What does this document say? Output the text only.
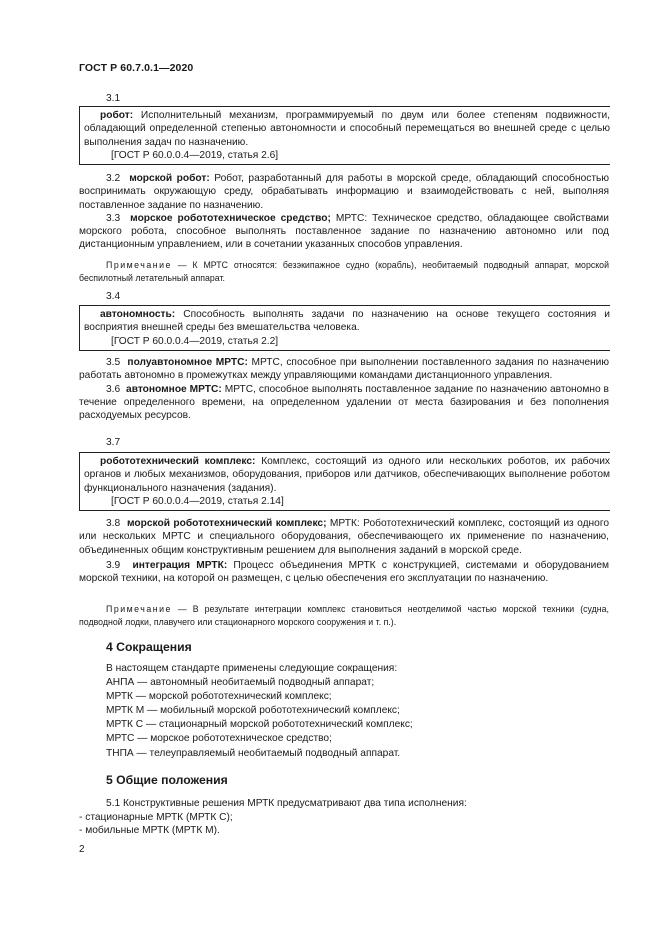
ГОСТ Р 60.7.0.1—2020
3.1

робот: Исполнительный механизм, программируемый по двум или более степеням подвижности, обладающий определенной степенью автономности и способный перемещаться во внешней среде с целью выполнения задач по назначению.

[ГОСТ Р 60.0.0.4—2019, статья 2.6]

3.2 морской робот: Робот, разработанный для работы в морской среде, обладающий способностью воспринимать окружающую среду, обрабатывать информацию и взаимодействовать с ней, выполняя поставленное задание по назначению.

3.3 морское робототехническое средство; МРТС: Техническое средство, обладающее свойствами морского робота, способное выполнять поставленное задание по назначению автономно или под дистанционным управлением, или в сочетании указанных способов управления.

Примечание — К МРТС относятся: безэкипажное судно (корабль), необитаемый подводный аппарат, морской беспилотный летательный аппарат.
3.4

автономность: Способность выполнять задачи по назначению на основе текущего состояния и восприятия внешней среды без вмешательства человека.

[ГОСТ Р 60.0.0.4—2019, статья 2.2]

3.5 полуавтономное МРТС: МРТС, способное при выполнении поставленного задания по назначению работать автономно в промежутках между управляющими командами дистанционного управления.

3.6 автономное МРТС: МРТС, способное выполнять поставленное задание по назначению автономно в течение определенного времени, на определенном удалении от места базирования и без пополнения расходуемых ресурсов.

3.7

робототехнический комплекс: Комплекс, состоящий из одного или нескольких роботов, их рабочих органов и любых механизмов, оборудования, приборов или датчиков, обеспечивающих выполнение роботом функционального назначения (задания).

[ГОСТ Р 60.0.0.4—2019, статья 2.14]

3.8 морской робототехнический комплекс; МРТК: Робототехнический комплекс, состоящий из одного или нескольких МРТС и специального оборудования, обеспечивающего их применение по назначению, объединенных общим конструктивным решением для выполнения заданий в морской среде.

3.9 интеграция МРТК: Процесс объединения МРТК с конструкцией, системами и оборудованием морской техники, на которой он размещен, с целью обеспечения его эксплуатации по назначению.

Примечание — В результате интеграции комплекс становиться неотделимой частью морской техники (судна, подводной лодки, плавучего или стационарного морского сооружения и т. п.).
4 Сокращения
В настоящем стандарте применены следующие сокращения:
АНПА — автономный необитаемый подводный аппарат;
МРТК — морской робототехнический комплекс;
МРТК М — мобильный морской робототехнический комплекс;
МРТК С — стационарный морской робототехнический комплекс;
МРТС — морское робототехническое средство;
ТНПА — телеуправляемый необитаемый подводный аппарат.
5 Общие положения
5.1 Конструктивные решения МРТК предусматривают два типа исполнения:
- стационарные МРТК (МРТК С);
- мобильные МРТК (МРТК М).
2
